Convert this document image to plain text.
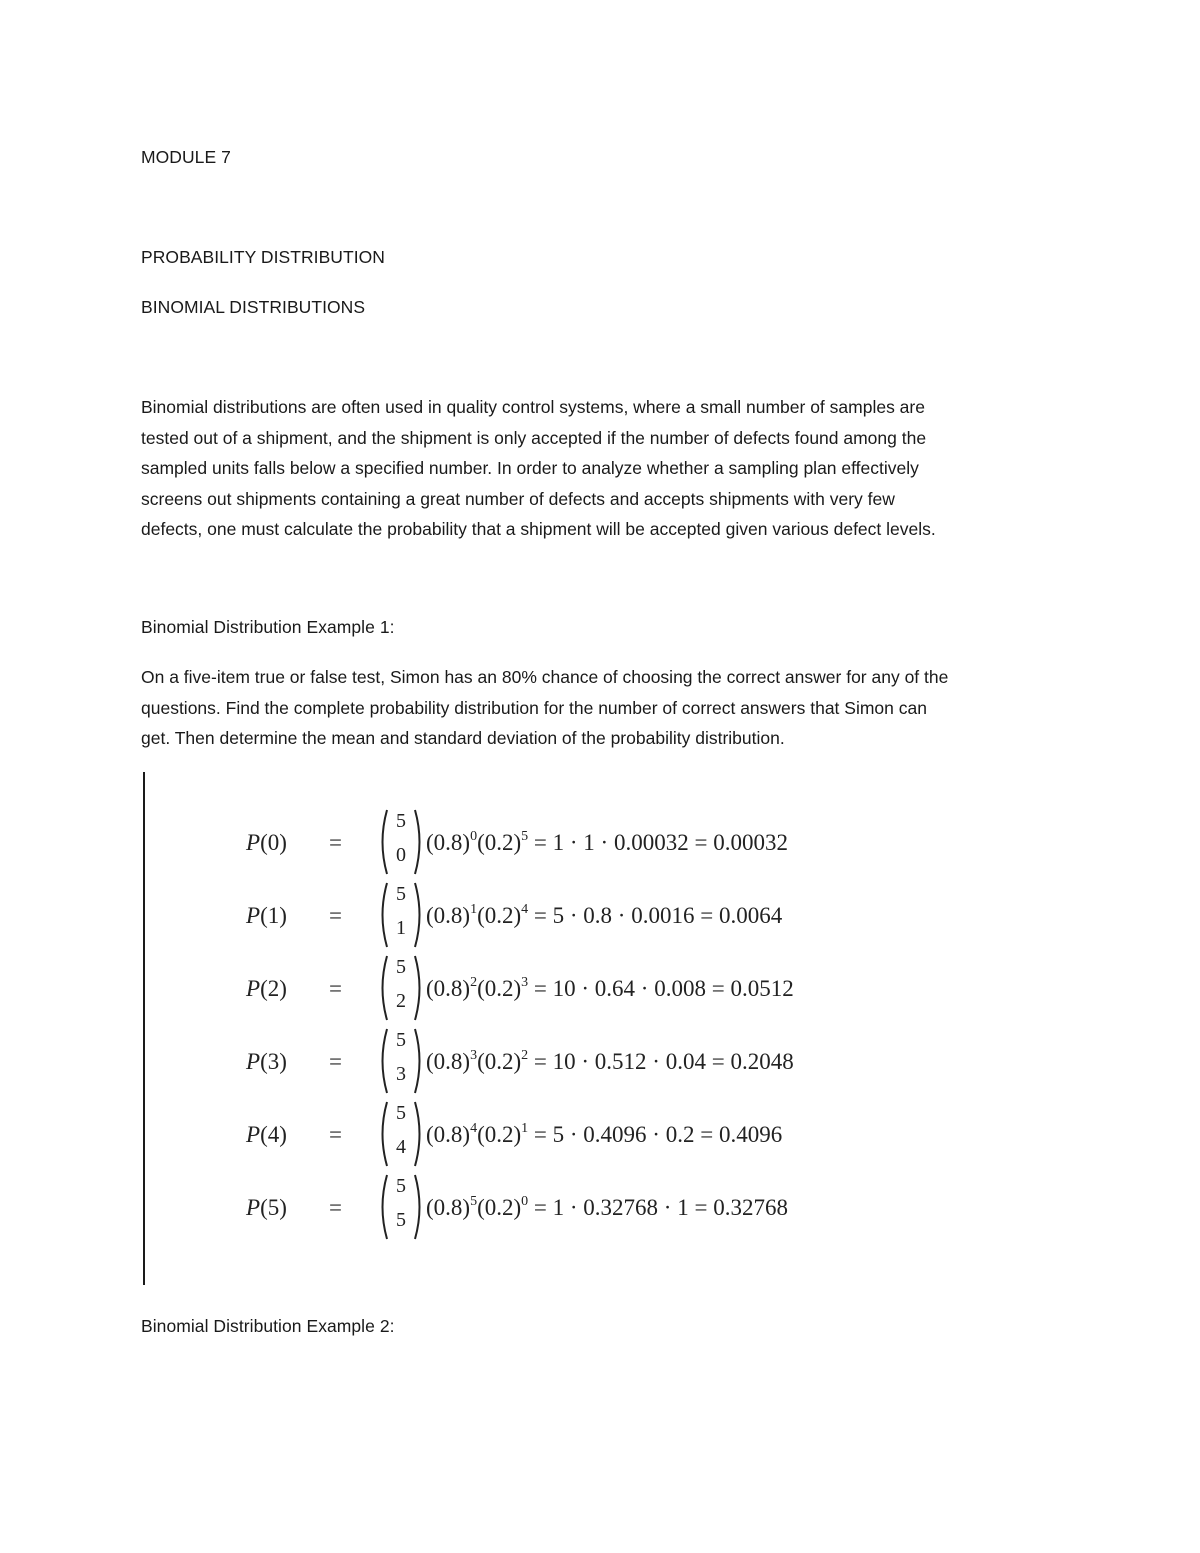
MODULE 7
PROBABILITY DISTRIBUTION
BINOMIAL DISTRIBUTIONS
Binomial distributions are often used in quality control systems, where a small number of samples are
tested out of a shipment, and the shipment is only accepted if the number of defects found among the
sampled units falls below a specified number. In order to analyze whether a sampling plan effectively
screens out shipments containing a great number of defects and accepts shipments with very few
defects, one must calculate the probability that a shipment will be accepted given various defect levels.
Binomial Distribution Example 1:
On a five-item true or false test, Simon has an 80% chance of choosing the correct answer for any of the
questions. Find the complete probability distribution for the number of correct answers that Simon can
get. Then determine the mean and standard deviation of the probability distribution.
P(0) =
5
0 $(0.8)^0(0.2)^5 = 1 \cdot 1 \cdot 0.00032 = 0.00032$
P(1) =
5
1 $(0.8)^1(0.2)^4 = 5 \cdot 0.8 \cdot 0.0016 = 0.0064$
P(2) =
5
2 $(0.8)^2(0.2)^3 = 10 \cdot 0.64 \cdot 0.008 = 0.0512$
P(3) =
5
3 $(0.8)^3(0.2)^2 = 10 \cdot 0.512 \cdot 0.04 = 0.2048$
P(4) =
5
4 $(0.8)^4(0.2)^1 = 5 \cdot 0.4096 \cdot 0.2 = 0.4096$
P(5) =
5
5 $(0.8)^5(0.2)^0 = 1 \cdot 0.32768 \cdot 1 = 0.32768$
Binomial Distribution Example 2:
